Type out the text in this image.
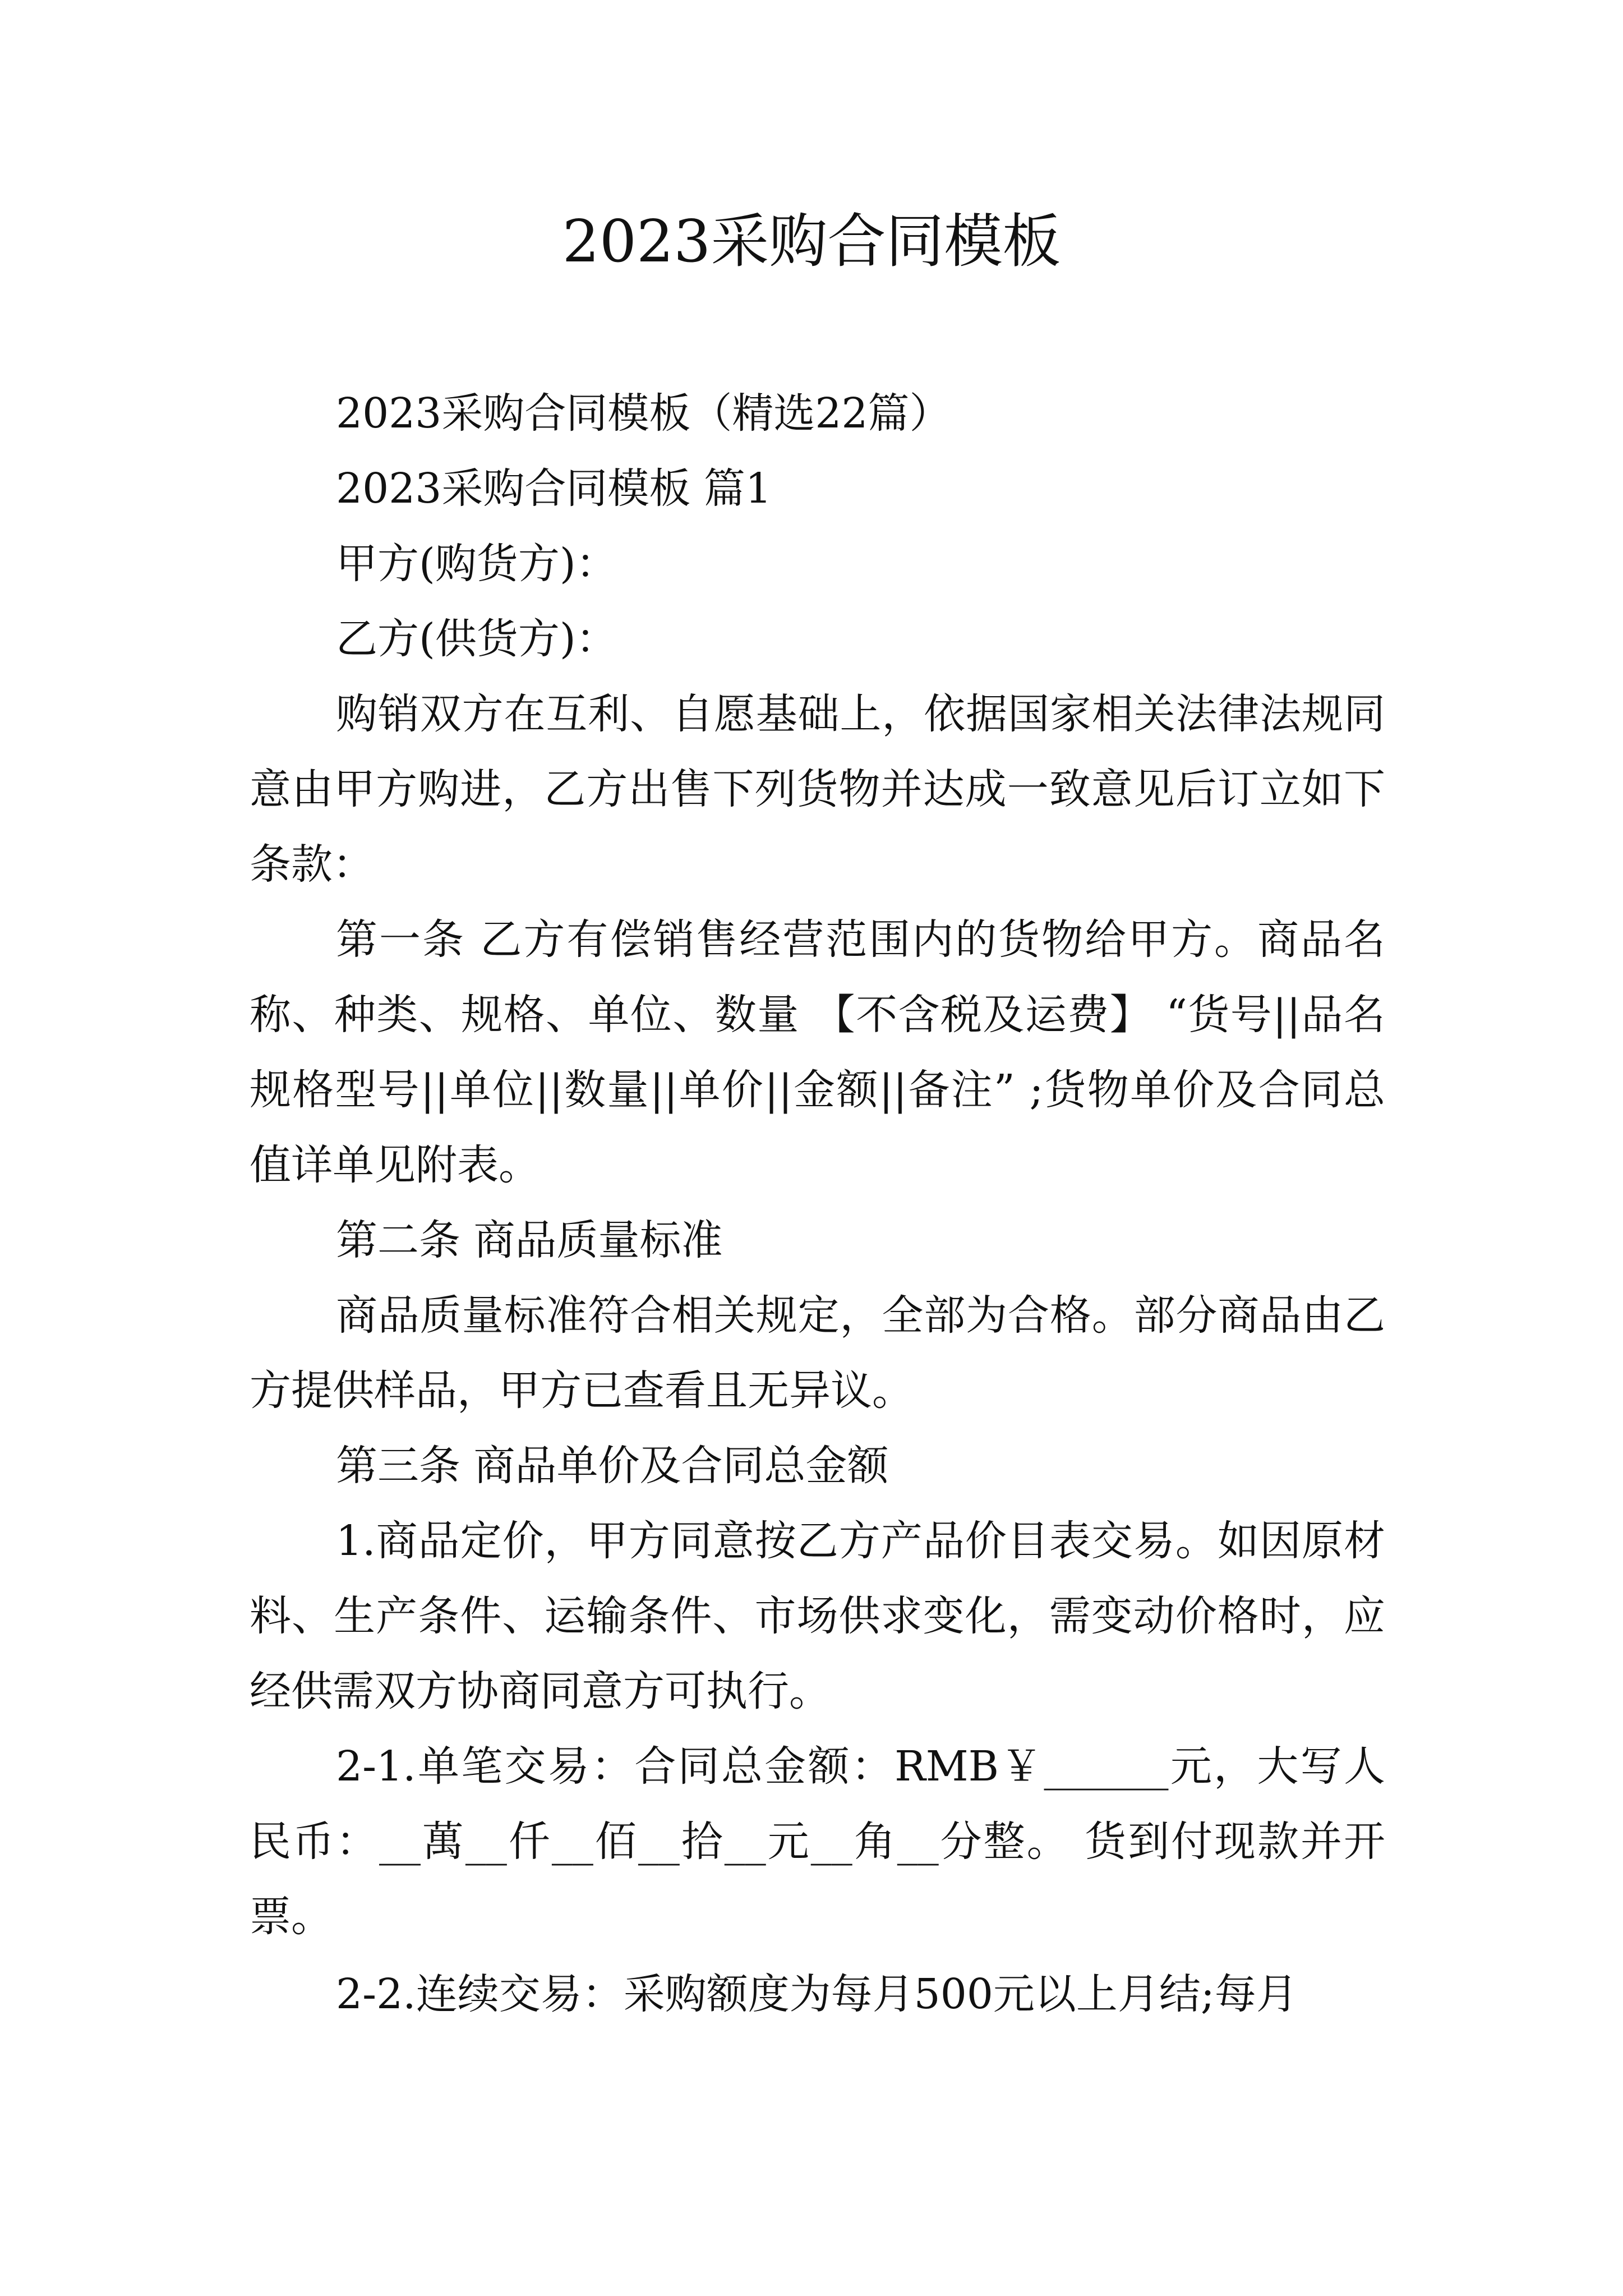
2023采购合同模板

2023采购合同模板（精选22篇）

2023采购合同模板 篇1

甲方(购货方)：

乙方(供货方)：

购销双方在互利、自愿基础上，依据国家相关法律法规同意由甲方购进，乙方出售下列货物并达成一致意见后订立如下条款：

第一条 乙方有偿销售经营范围内的货物给甲方。商品名称、种类、规格、单位、数量 【不含税及运费】 “货号||品名规格型号||单位||数量||单价||金额||备注” ;货物单价及合同总值详单见附表。

第二条 商品质量标准

商品质量标准符合相关规定，全部为合格。部分商品由乙方提供样品，甲方已查看且无异议。

第三条 商品单价及合同总金额

1.商品定价，甲方同意按乙方产品价目表交易。如因原材料、生产条件、运输条件、市场供求变化，需变动价格时，应经供需双方协商同意方可执行。

2-1.单笔交易：合同总金额：RMB￥______元，大写人民币：__萬__仟__佰__拾__元__角__分整。 货到付现款并开票。

2-2.连续交易：采购额度为每月500元以上月结;每月
